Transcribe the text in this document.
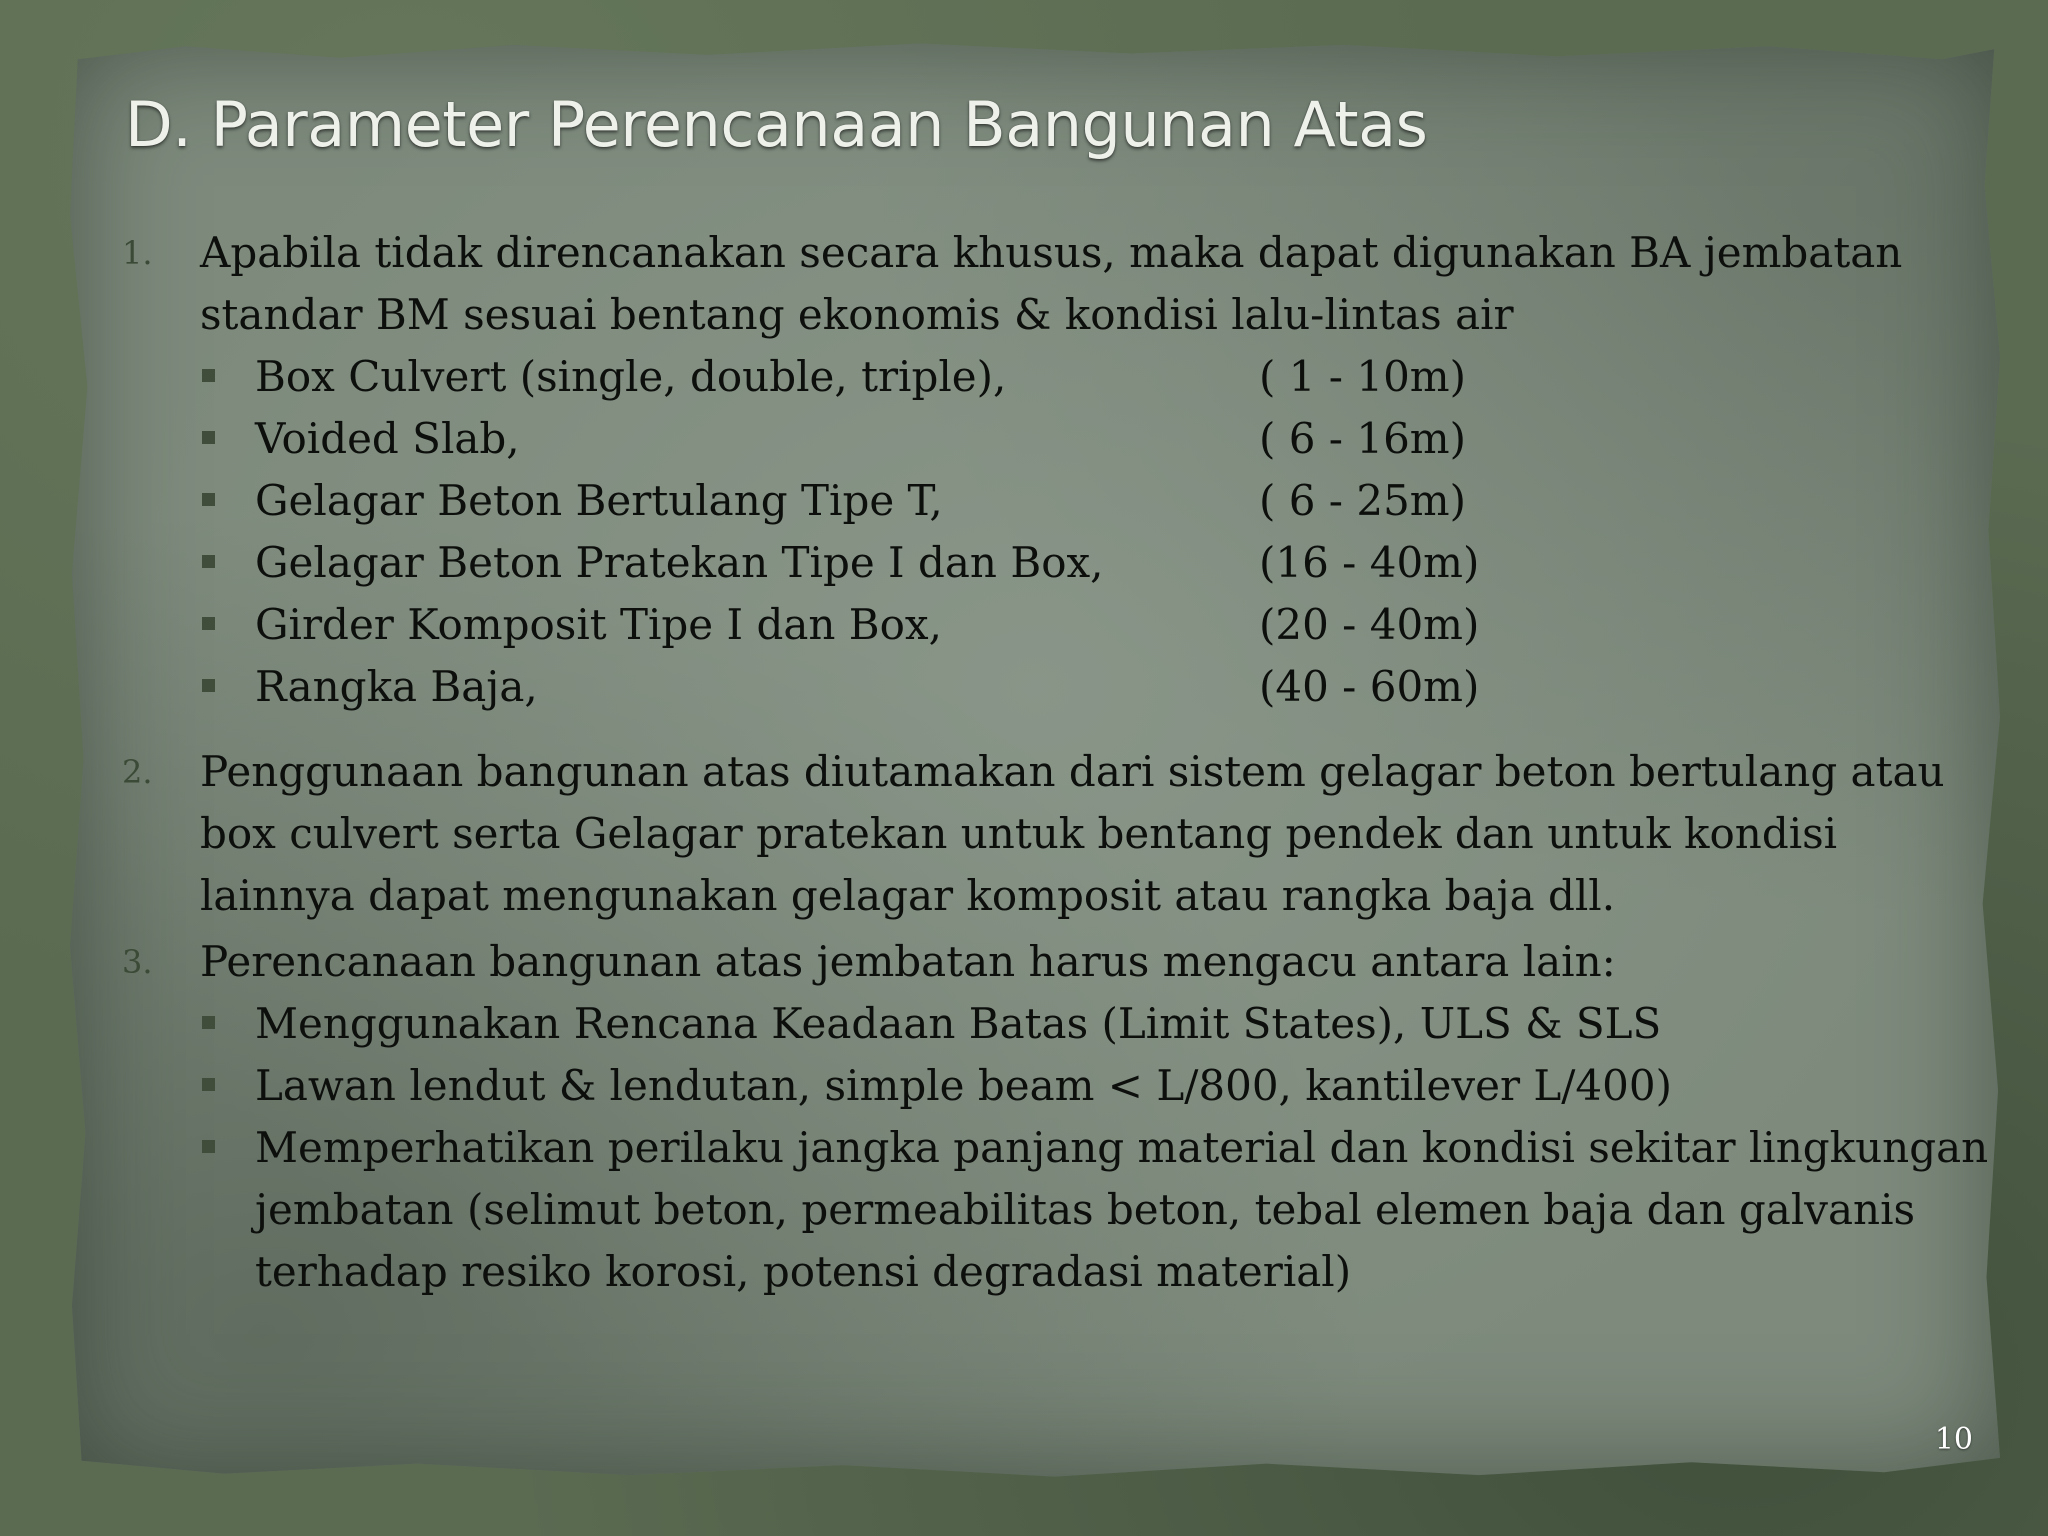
D. Parameter Perencanaan Bangunan Atas
1. Apabila tidak direncanakan secara khusus, maka dapat digunakan BA jembatan standar BM sesuai bentang ekonomis & kondisi lalu-lintas air

Box Culvert (single, double, triple),	( 1 - 10m)
Voided Slab,	( 6 - 16m)
Gelagar Beton Bertulang Tipe T,	( 6 - 25m)
Gelagar Beton Pratekan Tipe I dan Box,	(16 - 40m)
Girder Komposit Tipe I dan Box,	(20 - 40m)
Rangka Baja,	(40 - 60m)
2. Penggunaan bangunan atas diutamakan dari sistem gelagar beton bertulang atau box culvert serta Gelagar pratekan untuk bentang pendek dan untuk kondisi lainnya dapat mengunakan gelagar komposit atau rangka baja dll.

3. Perencanaan bangunan atas jembatan harus mengacu antara lain:

Menggunakan Rencana Keadaan Batas (Limit States), ULS & SLS
Lawan lendut & lendutan, simple beam < L/800, kantilever L/400)
Memperhatikan perilaku jangka panjang material dan kondisi sekitar lingkungan jembatan (selimut beton, permeabilitas beton, tebal elemen baja dan galvanis terhadap resiko korosi, potensi degradasi material)
10
